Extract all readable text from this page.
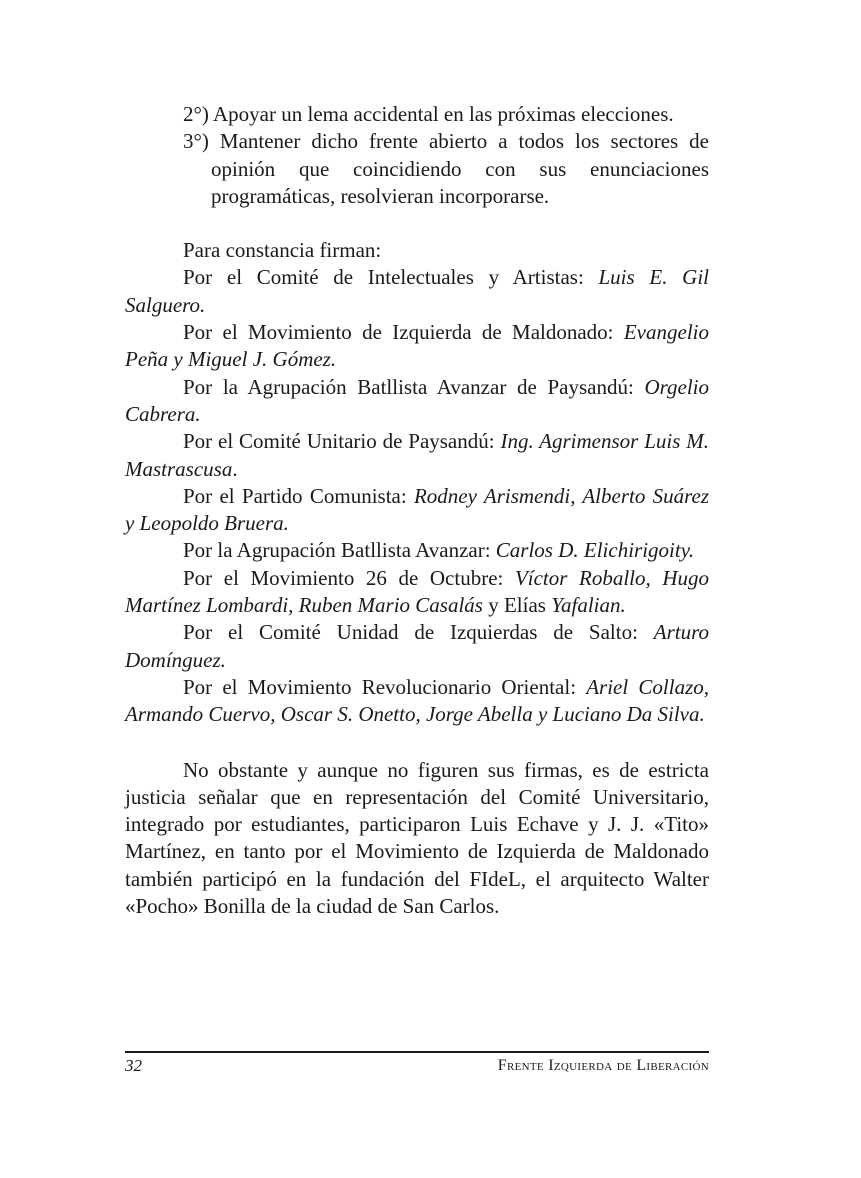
2°) Apoyar un lema accidental en las próximas elecciones.

3°) Mantener dicho frente abierto a todos los sectores de opinión que coincidiendo con sus enunciaciones programáticas, resolvieran incorporarse.

Para constancia firman:

Por el Comité de Intelectuales y Artistas: Luis E. Gil Salguero.

Por el Movimiento de Izquierda de Maldonado: Evangelio Peña y Miguel J. Gómez.

Por la Agrupación Batllista Avanzar de Paysandú: Orgelio Cabrera.

Por el Comité Unitario de Paysandú: Ing. Agrimensor Luis M. Mastrascusa.

Por el Partido Comunista: Rodney Arismendi, Alberto Suárez y Leopoldo Bruera.

Por la Agrupación Batllista Avanzar: Carlos D. Elichirigoity.

Por el Movimiento 26 de Octubre: Víctor Roballo, Hugo Martínez Lombardi, Ruben Mario Casalás y Elías Yafalian.

Por el Comité Unidad de Izquierdas de Salto: Arturo Domínguez.

Por el Movimiento Revolucionario Oriental: Ariel Collazo, Armando Cuervo, Oscar S. Onetto, Jorge Abella y Luciano Da Silva.

No obstante y aunque no figuren sus firmas, es de estricta justicia señalar que en representación del Comité Universitario, integrado por estudiantes, participaron Luis Echave y J. J. «Tito» Martínez, en tanto por el Movimiento de Izquierda de Maldonado también participó en la fundación del FIdeL, el arquitecto Walter «Pocho» Bonilla de la ciudad de San Carlos.

32	Frente Izquierda de Liberación
